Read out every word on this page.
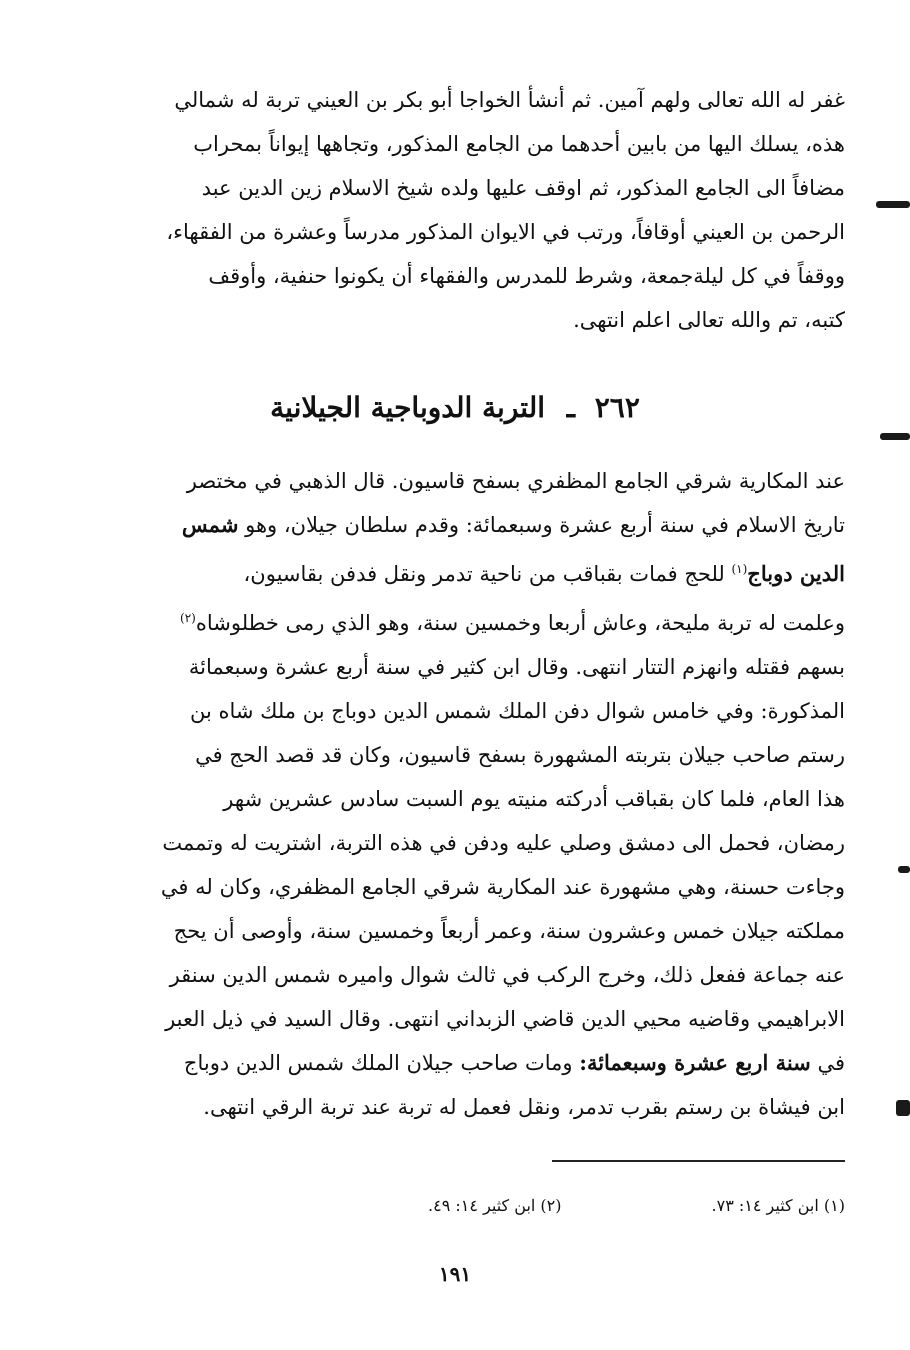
غفر له الله تعالى ولهم آمين. ثم أنشأ الخواجا أبو بكر بن العيني تربة له شمالي
هذه، يسلك اليها من بابين أحدهما من الجامع المذكور، وتجاهها إيواناً بمحراب
مضافاً الى الجامع المذكور، ثم اوقف عليها ولده شيخ الاسلام زين الدين عبد
الرحمن بن العيني أوقافاً، ورتب في الايوان المذكور مدرساً وعشرة من الفقهاء،
ووقفاً في كل ليلةجمعة، وشرط للمدرس والفقهاء أن يكونوا حنفية، وأوقف
كتبه، تم والله تعالى اعلم انتهى.
٢٦٢ ـ التربة الدوباجية الجيلانية
عند المكارية شرقي الجامع المظفري بسفح قاسيون. قال الذهبي في مختصر
تاريخ الاسلام في سنة أربع عشرة وسبعمائة: وقدم سلطان جيلان، وهو شمس
الدين دوباج$^{(١)}$ للحج فمات بقباقب من ناحية تدمر ونقل فدفن بقاسيون،
وعلمت له تربة مليحة، وعاش أربعا وخمسين سنة، وهو الذي رمى خطلوشاه$^{(٢)}$
بسهم فقتله وانهزم التتار انتهى. وقال ابن كثير في سنة أربع عشرة وسبعمائة
المذكورة: وفي خامس شوال دفن الملك شمس الدين دوباج بن ملك شاه بن
رستم صاحب جيلان بتربته المشهورة بسفح قاسيون، وكان قد قصد الحج في
هذا العام، فلما كان بقباقب أدركته منيته يوم السبت سادس عشرين شهر
رمضان، فحمل الى دمشق وصلي عليه ودفن في هذه التربة، اشتريت له وتممت
وجاءت حسنة، وهي مشهورة عند المكارية شرقي الجامع المظفري، وكان له في
مملكته جيلان خمس وعشرون سنة، وعمر أربعاً وخمسين سنة، وأوصى أن يحج
عنه جماعة ففعل ذلك، وخرج الركب في ثالث شوال واميره شمس الدين سنقر
الابراهيمي وقاضيه محيي الدين قاضي الزبداني انتهى. وقال السيد في ذيل العبر
في سنة اربع عشرة وسبعمائة: ومات صاحب جيلان الملك شمس الدين دوباج
ابن فيشاة بن رستم بقرب تدمر، ونقل فعمل له تربة عند تربة الرقي انتهى.
(١) ابن كثير ١٤: ٧٣.
(٢) ابن كثير ١٤: ٤٩.
١٩١
